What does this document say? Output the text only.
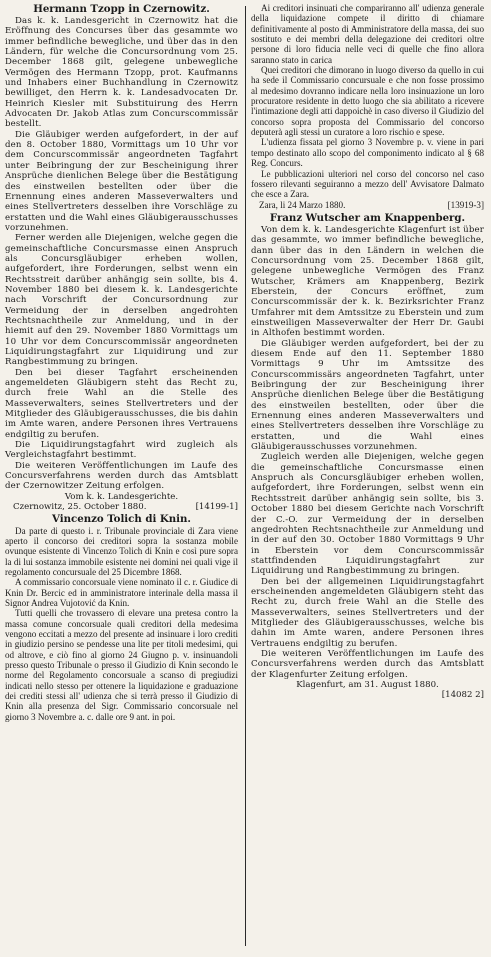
Hermann Tzopp in Czernowitz.

Das k. k. Landesgericht in Czernowitz hat die Eröffnung des Concurses über das gesammte wo immer befindliche bewegliche, und über das in den Ländern, für welche die Concursordnung vom 25. December 1868 gilt, gelegene unbewegliche Vermögen des Hermann Tzopp, prot. Kaufmanns und Inhabers einer Buchhandlung in Czernowitz bewilliget, den Herrn k. k. Landesadvocaten Dr. Heinrich Kiesler mit Substituirung des Herrn Advocaten Dr. Jakob Atlas zum Concurscommissär bestellt.

Die Gläubiger werden aufgefordert, in der auf den 8. October 1880, Vormittags um 10 Uhr vor dem Concurscommissär angeordneten Tagfahrt unter Beibringung der zur Bescheinigung ihrer Ansprüche dienlichen Belege über die Bestätigung des einstweilen bestellten oder über die Ernennung eines anderen Masseverwalters und eines Stellvertreters desselben ihre Vorschläge zu erstatten und die Wahl eines Gläubigerausschusses vorzunehmen.

Ferner werden alle Diejenigen, welche gegen die gemeinschaftliche Concursmasse einen Anspruch als Concursgläubiger erheben wollen, aufgefordert, ihre Forderungen, selbst wenn ein Rechtsstreit darüber anhängig sein sollte, bis 4. November 1880 bei diesem k. k. Landesgerichte nach Vorschrift der Concursordnung zur Vermeidung der in derselben angedrohten Rechtsnachtheile zur Anmeldung, und in der hiemit auf den 29. November 1880 Vormittags um 10 Uhr vor dem Concurscommissär angeordneten Liquidirungstagfahrt zur Liquidirung und zur Rangbestimmung zu bringen.

Den bei dieser Tagfahrt erscheinenden angemeldeten Gläubigern steht das Recht zu, durch freie Wahl an die Stelle des Masseverwalters, seines Stellvertreters und der Mitglieder des Gläubigerausschusses, die bis dahin im Amte waren, andere Personen ihres Vertrauens endgiltig zu berufen.

Die Liquidirungstagfahrt wird zugleich als Vergleichstagfahrt bestimmt.

Die weiteren Veröffentlichungen im Laufe des Concursverfahrens werden durch das Amtsblatt der Czernowitzer Zeitung erfolgen.

Vom k. k. Landesgerichte.
Czernowitz, 25. October 1880.	[14199-1]
Vincenzo Tolich di Knin.

Da parte di questo i. r. Tribunale provinciale di Zara viene aperto il concorso dei creditori sopra la sostanza mobile ovunque esistente di Vincenzo Tolich di Knin e così pure sopra la di lui sostanza immobile esistente nei domini nei quali vige il regolamento concursuale del 25 Dicembre 1868.

A commissario concorsuale viene nominato il c. r. Giudice di Knin Dr. Bercic ed in amministratore interinale della massa il Signor Andrea Vujotović da Knin.

Tutti quelli che trovassero di elevare una pretesa contro la massa comune concorsuale quali creditori della medesima vengono eccitati a mezzo del presente ad insinuare i loro crediti in giudizio persino se pendesse una lite per titoli medesimi, qui od altrove, e ciò fino al giorno 24 Giugno p. v. insinuandoli presso questo Tribunale o presso il Giudizio di Knin secondo le norme del Regolamento concorsuale a scanso di pregiudizi indicati nello stesso per ottenere la liquidazione e graduazione dei crediti stessi all' udienza che si terrà presso il Giudizio di Knin alla presenza del Sigr. Commissario concorsuale nel giorno 3 Novembre a. c. dalle ore 9 ant. in poi.

Ai creditori insinuati che compariranno all' udienza generale della liquidazione compete il diritto di chiamare definitivamente al posto di Amministratore della massa, dei suo sostituto e dei membri della delegazione dei creditori oltre persone di loro fiducia nelle veci di quelle che fino allora saranno stato in carica

Quei creditori che dimorano in luogo diverso da quello in cui ha sede il Commissario concursuale e che non fosse prossimo al medesimo dovranno indicare nella loro insinuazione un loro procuratore residente in detto luogo che sia abilitato a ricevere l'intimazione degli atti dappoichè in caso diverso il Giudizio del concorso sopra proposta del Commissario del concorso deputerà agli stessi un curatore a loro rischio e spese.

L'udienza fissata pel giorno 3 Novembre p. v. viene in pari tempo destinato allo scopo del componimento indicato al § 68 Reg. Concurs.

Le pubblicazioni ulteriori nel corso del concorso nel caso fossero rilevanti seguiranno a mezzo dell' Avvisatore Dalmato che esce a Zara.

Zara, li 24 Marzo 1880.	[13919-3]
Franz Wutscher am Knappenberg.

Von dem k. k. Landesgerichte Klagenfurt ist über das gesammte, wo immer befindliche bewegliche, dann über das in den Ländern in welchen die Concursordnung vom 25. December 1868 gilt, gelegene unbewegliche Vermögen des Franz Wutscher, Krämers am Knappenberg, Bezirk Eberstein, der Concurs eröffnet, zum Concurscommissär der k. k. Bezirksrichter Franz Umfahrer mit dem Amtssitze zu Eberstein und zum einstweiligen Masseverwalter der Herr Dr. Gaubi in Althofen bestimmt worden.

Die Gläubiger werden aufgefordert, bei der zu diesem Ende auf den 11. September 1880 Vormittags 9 Uhr im Amtssitze des Concurscommissärs angeordneten Tagfahrt, unter Beibringung der zur Bescheinigung ihrer Ansprüche dienlichen Belege über die Bestätigung des einstweilen bestellten, oder über die Ernennung eines anderen Masseverwalters und eines Stellvertreters desselben ihre Vorschläge zu erstatten, und die Wahl eines Gläubigerausschusses vorzunehmen.

Zugleich werden alle Diejenigen, welche gegen die gemeinschaftliche Concursmasse einen Anspruch als Concursgläubiger erheben wollen, aufgefordert, ihre Forderungen, selbst wenn ein Rechtsstreit darüber anhängig sein sollte, bis 3. October 1880 bei diesem Gerichte nach Vorschrift der C.-O. zur Vermeidung der in derselben angedrohten Rechtsnachtheile zur Anmeldung und in der auf den 30. October 1880 Vormittags 9 Uhr in Eberstein vor dem Concurscommissär stattfindenden Liquidirungstagfahrt zur Liquidirung und Rangbestimmung zu bringen.

Den bei der allgemeinen Liquidirungstagfahrt erscheinenden angemeldeten Gläubigern steht das Recht zu, durch freie Wahl an die Stelle des Masseverwalters, seines Stellvertreters und der Mitglieder des Gläubigerausschusses, welche bis dahin im Amte waren, andere Personen ihres Vertrauens endgiltig zu berufen.

Die weiteren Veröffentlichungen im Laufe des Concursverfahrens werden durch das Amtsblatt der Klagenfurter Zeitung erfolgen.

Klagenfurt, am 31. August 1880.
[14082 2]
